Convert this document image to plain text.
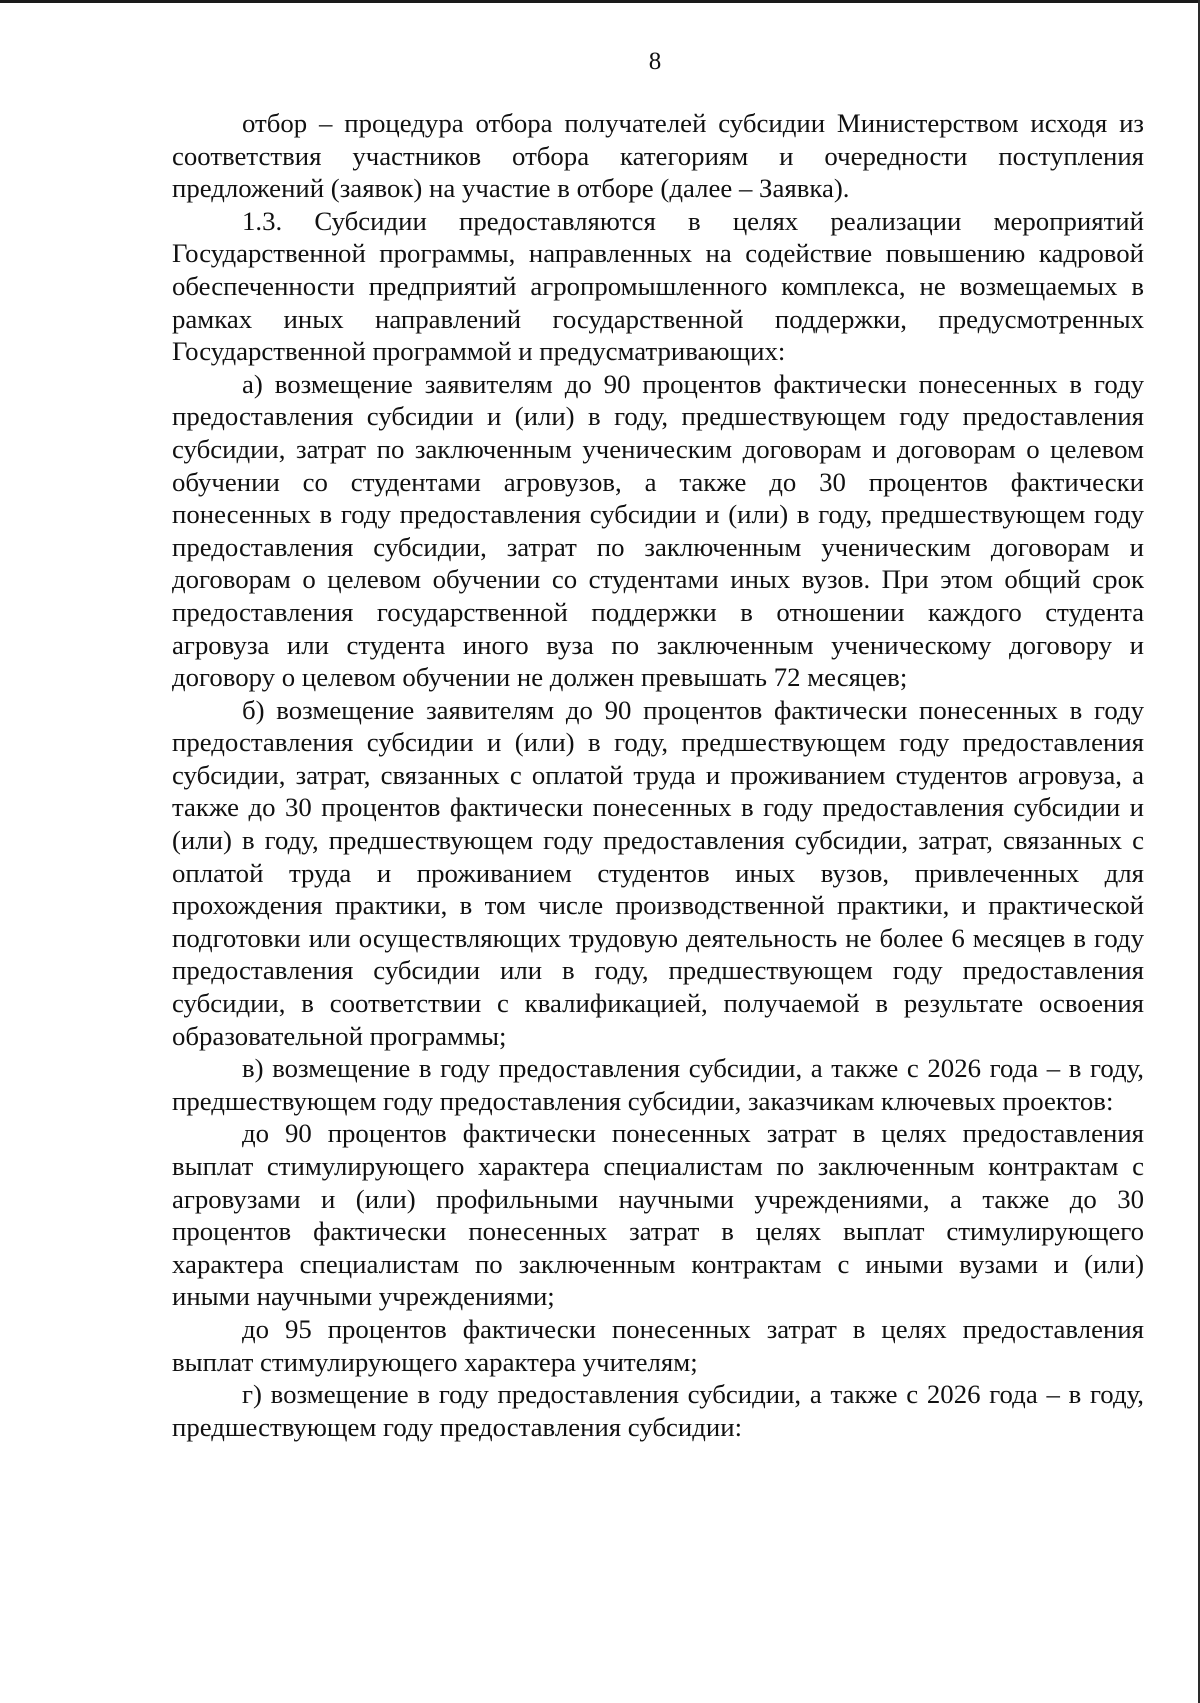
8

отбор – процедура отбора получателей субсидии Министерством исходя из соответствия участников отбора категориям и очередности поступления предложений (заявок) на участие в отборе (далее – Заявка).

1.3. Субсидии предоставляются в целях реализации мероприятий Государственной программы, направленных на содействие повышению кадровой обеспеченности предприятий агропромышленного комплекса, не возмещаемых в рамках иных направлений государственной поддержки, предусмотренных Государственной программой и предусматривающих:

а) возмещение заявителям до 90 процентов фактически понесенных в году предоставления субсидии и (или) в году, предшествующем году предоставления субсидии, затрат по заключенным ученическим договорам и договорам о целевом обучении со студентами агровузов, а также до 30 процентов фактически понесенных в году предоставления субсидии и (или) в году, предшествующем году предоставления субсидии, затрат по заключенным ученическим договорам и договорам о целевом обучении со студентами иных вузов. При этом общий срок предоставления государственной поддержки в отношении каждого студента агровуза или студента иного вуза по заключенным ученическому договору и договору о целевом обучении не должен превышать 72 месяцев;

б) возмещение заявителям до 90 процентов фактически понесенных в году предоставления субсидии и (или) в году, предшествующем году предоставления субсидии, затрат, связанных с оплатой труда и проживанием студентов агровуза, а также до 30 процентов фактически понесенных в году предоставления субсидии и (или) в году, предшествующем году предоставления субсидии, затрат, связанных с оплатой труда и проживанием студентов иных вузов, привлеченных для прохождения практики, в том числе производственной практики, и практической подготовки или осуществляющих трудовую деятельность не более 6 месяцев в году предоставления субсидии или в году, предшествующем году предоставления субсидии, в соответствии с квалификацией, получаемой в результате освоения образовательной программы;

в) возмещение в году предоставления субсидии, а также с 2026 года – в году, предшествующем году предоставления субсидии, заказчикам ключевых проектов:

до 90 процентов фактически понесенных затрат в целях предоставления выплат стимулирующего характера специалистам по заключенным контрактам с агровузами и (или) профильными научными учреждениями, а также до 30 процентов фактически понесенных затрат в целях выплат стимулирующего характера специалистам по заключенным контрактам с иными вузами и (или) иными научными учреждениями;

до 95 процентов фактически понесенных затрат в целях предоставления выплат стимулирующего характера учителям;

г) возмещение в году предоставления субсидии, а также с 2026 года – в году, предшествующем году предоставления субсидии:
